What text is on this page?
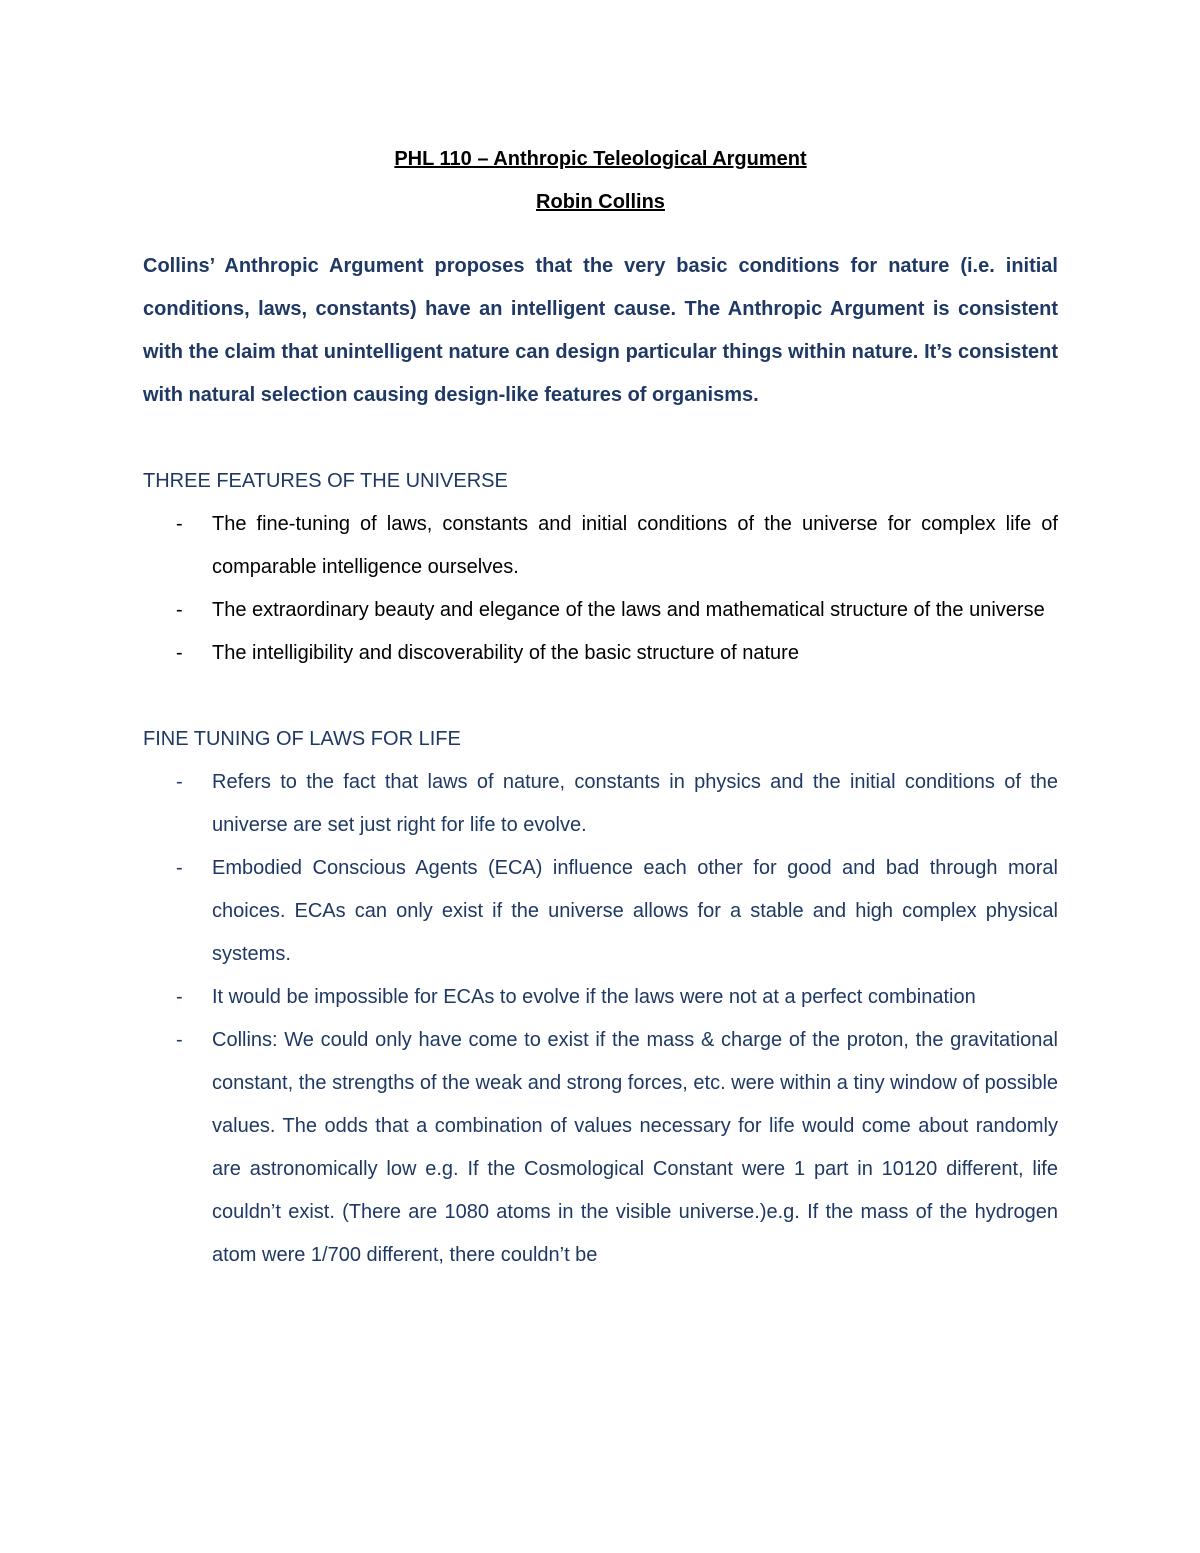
PHL 110 – Anthropic Teleological Argument

Robin Collins

Collins’ Anthropic Argument proposes that the very basic conditions for nature (i.e. initial conditions, laws, constants) have an intelligent cause. The Anthropic Argument is consistent with the claim that unintelligent nature can design particular things within nature. It’s consistent with natural selection causing design-like features of organisms.

THREE FEATURES OF THE UNIVERSE

- The fine-tuning of laws, constants and initial conditions of the universe for complex life of comparable intelligence ourselves.
- The extraordinary beauty and elegance of the laws and mathematical structure of the universe
- The intelligibility and discoverability of the basic structure of nature

FINE TUNING OF LAWS FOR LIFE

- Refers to the fact that laws of nature, constants in physics and the initial conditions of the universe are set just right for life to evolve.
- Embodied Conscious Agents (ECA) influence each other for good and bad through moral choices. ECAs can only exist if the universe allows for a stable and high complex physical systems.
- It would be impossible for ECAs to evolve if the laws were not at a perfect combination
- Collins: We could only have come to exist if the mass & charge of the proton, the gravitational constant, the strengths of the weak and strong forces, etc. were within a tiny window of possible values. The odds that a combination of values necessary for life would come about randomly are astronomically low e.g. If the Cosmological Constant were 1 part in 10120 different, life couldn’t exist. (There are 1080 atoms in the visible universe.)e.g. If the mass of the hydrogen atom were 1/700 different, there couldn’t be
